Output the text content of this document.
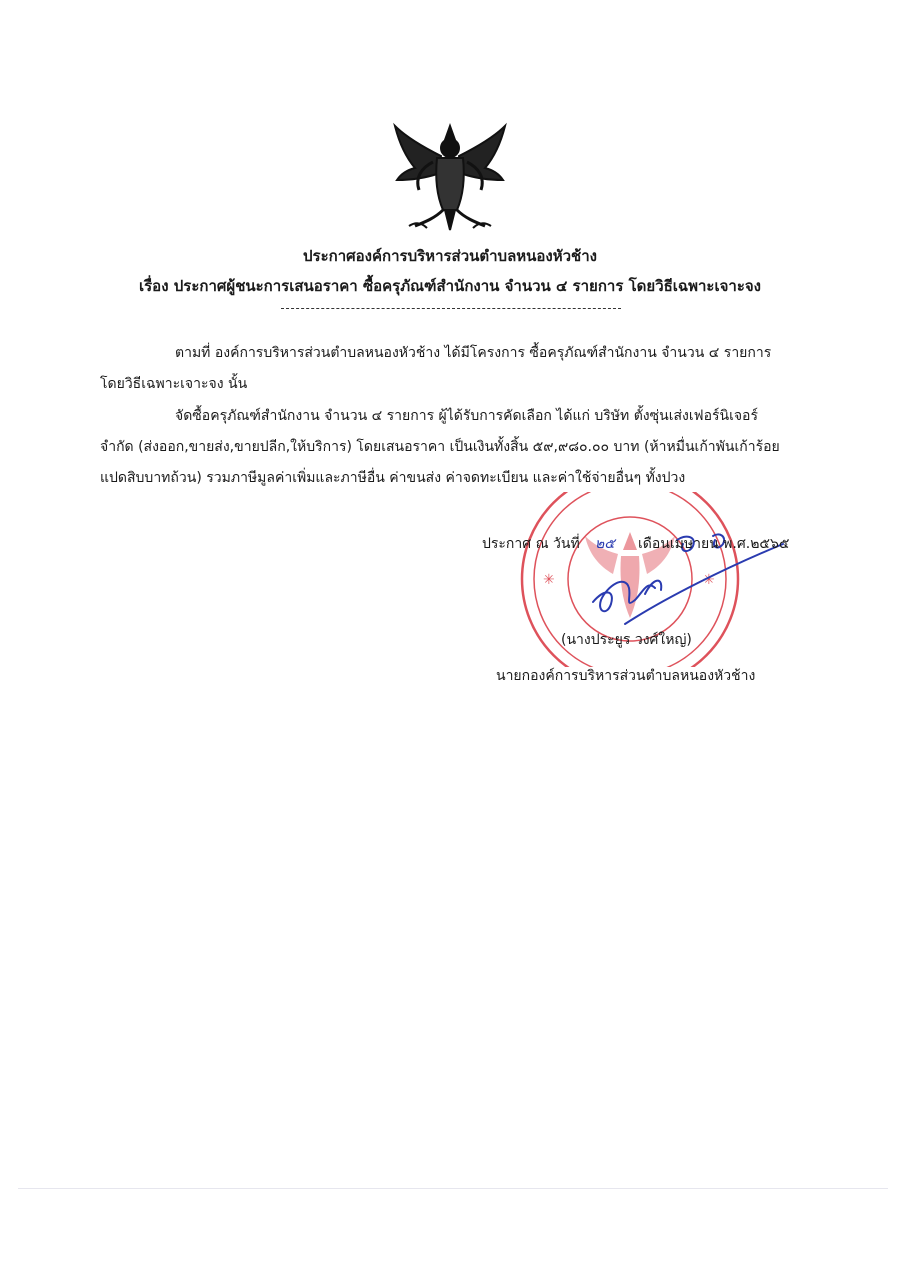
ประกาศองค์การบริหารส่วนตำบลหนองหัวช้าง
เรื่อง ประกาศผู้ชนะการเสนอราคา ซื้อครุภัณฑ์สำนักงาน จำนวน ๔ รายการ โดยวิธีเฉพาะเจาะจง
ตามที่ องค์การบริหารส่วนตำบลหนองหัวช้าง ได้มีโครงการ ซื้อครุภัณฑ์สำนักงาน จำนวน ๔ รายการ
โดยวิธีเฉพาะเจาะจง นั้น
จัดซื้อครุภัณฑ์สำนักงาน จำนวน ๔ รายการ ผู้ได้รับการคัดเลือก ได้แก่ บริษัท ตั้งซุ่นเส่งเฟอร์นิเจอร์
จำกัด (ส่งออก,ขายส่ง,ขายปลีก,ให้บริการ) โดยเสนอราคา เป็นเงินทั้งสิ้น ๕๙,๙๘๐.๐๐ บาท (ห้าหมื่นเก้าพันเก้าร้อย
แปดสิบบาทถ้วน) รวมภาษีมูลค่าเพิ่มและภาษีอื่น ค่าขนส่ง ค่าจดทะเบียน และค่าใช้จ่ายอื่นๆ ทั้งปวง
✳	✳
ประกาศ ณ วันที่ ๒๕ เดือนเมษายน พ.ศ.๒๕๖๕
(นางประยูร วงศ์ใหญ่)
นายกองค์การบริหารส่วนตำบลหนองหัวช้าง
